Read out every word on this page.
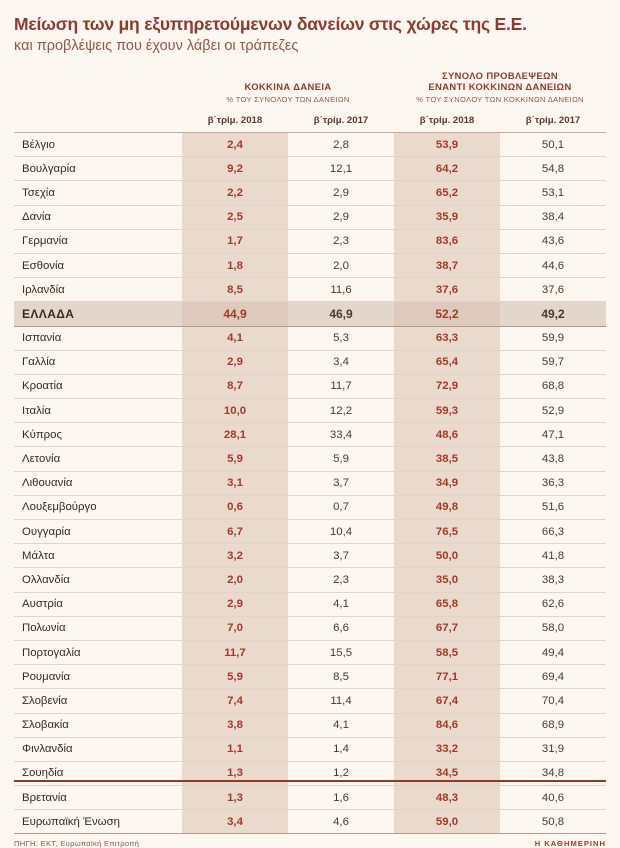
Μείωση των μη εξυπηρετούμενων δανείων στις χώρες της Ε.Ε.
και προβλέψεις που έχουν λάβει οι τράπεζες

ΚΟΚΚΙΝΑ ΔΑΝΕΙΑ
% ΤΟΥ ΣΥΝΟΛΟΥ ΤΩΝ ΔΑΝΕΙΩΝ

ΣΥΝΟΛΟ ΠΡΟΒΛΕΨΕΩΝ
ΕΝΑΝΤΙ ΚΟΚΚΙΝΩΝ ΔΑΝΕΙΩΝ
% ΤΟΥ ΣΥΝΟΛΟΥ ΤΩΝ ΚΟΚΚΙΝΩΝ ΔΑΝΕΙΩΝ

	β΄τρίμ. 2018	β΄τρίμ. 2017	β΄τρίμ. 2018	β΄τρίμ. 2017
Βέλγιο	2,4	2,8	53,9	50,1
Βουλγαρία	9,2	12,1	64,2	54,8
Τσεχία	2,2	2,9	65,2	53,1
Δανία	2,5	2,9	35,9	38,4
Γερμανία	1,7	2,3	83,6	43,6
Εσθονία	1,8	2,0	38,7	44,6
Ιρλανδία	8,5	11,6	37,6	37,6
ΕΛΛΑΔΑ	44,9	46,9	52,2	49,2
Ισπανία	4,1	5,3	63,3	59,9
Γαλλία	2,9	3,4	65,4	59,7
Κροατία	8,7	11,7	72,9	68,8
Ιταλία	10,0	12,2	59,3	52,9
Κύπρος	28,1	33,4	48,6	47,1
Λετονία	5,9	5,9	38,5	43,8
Λιθουανία	3,1	3,7	34,9	36,3
Λουξεμβούργο	0,6	0,7	49,8	51,6
Ουγγαρία	6,7	10,4	76,5	66,3
Μάλτα	3,2	3,7	50,0	41,8
Ολλανδία	2,0	2,3	35,0	38,3
Αυστρία	2,9	4,1	65,8	62,6
Πολωνία	7,0	6,6	67,7	58,0
Πορτογαλία	11,7	15,5	58,5	49,4
Ρουμανία	5,9	8,5	77,1	69,4
Σλοβενία	7,4	11,4	67,4	70,4
Σλοβακία	3,8	4,1	84,6	68,9
Φινλανδία	1,1	1,4	33,2	31,9
Σουηδία	1,3	1,2	34,5	34,8
Βρετανία	1,3	1,6	48,3	40,6
Ευρωπαϊκή Ένωση	3,4	4,6	59,0	50,8
ΠΗΓΗ: ΕΚΤ, Ευρωπαϊκή Επιτροπή	Η ΚΑΘΗΜΕΡΙΝΗ
